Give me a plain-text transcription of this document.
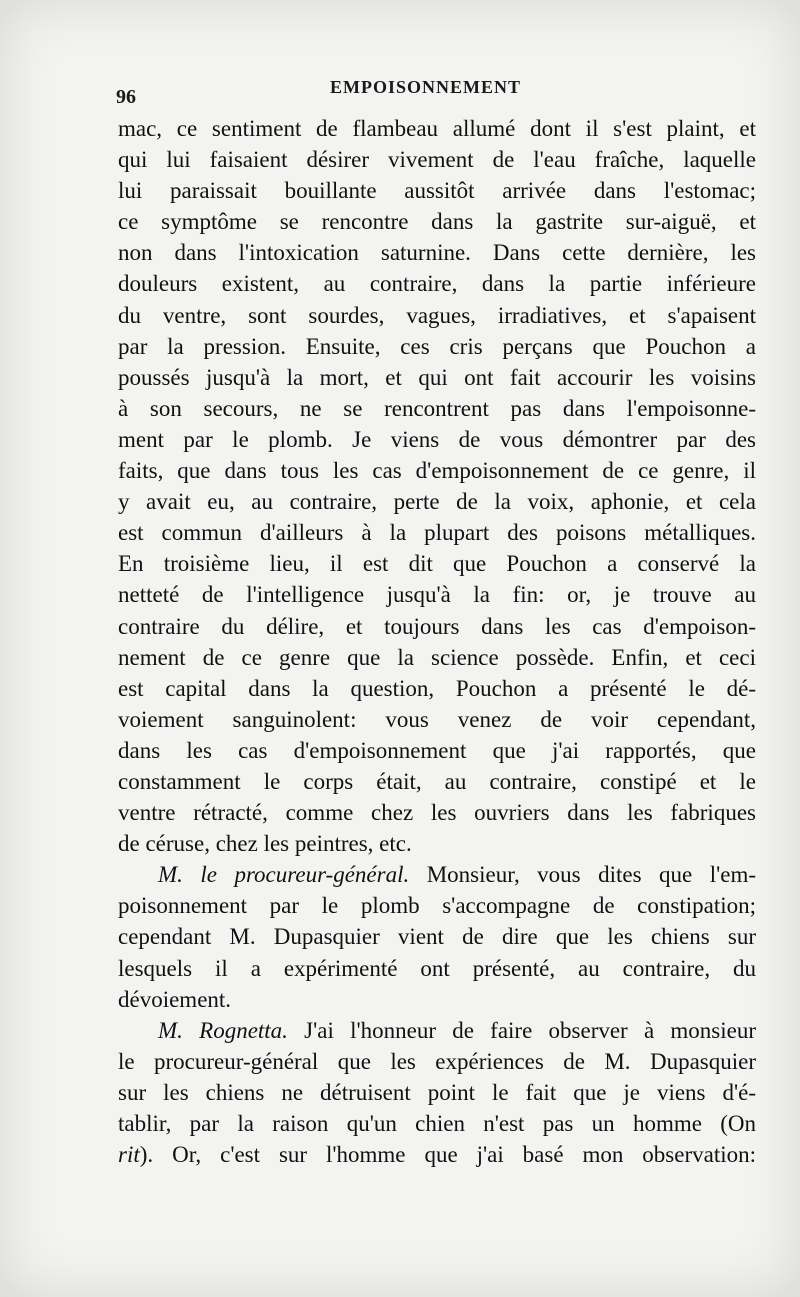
96	EMPOISONNEMENT
mac, ce sentiment de flambeau allumé dont il s'est plaint, et
qui lui faisaient désirer vivement de l'eau fraîche, laquelle
lui paraissait bouillante aussitôt arrivée dans l'estomac;
ce symptôme se rencontre dans la gastrite sur-aiguë, et
non dans l'intoxication saturnine. Dans cette dernière, les
douleurs existent, au contraire, dans la partie inférieure
du ventre, sont sourdes, vagues, irradiatives, et s'apaisent
par la pression. Ensuite, ces cris perçans que Pouchon a
poussés jusqu'à la mort, et qui ont fait accourir les voisins
à son secours, ne se rencontrent pas dans l'empoisonne-
ment par le plomb. Je viens de vous démontrer par des
faits, que dans tous les cas d'empoisonnement de ce genre, il
y avait eu, au contraire, perte de la voix, aphonie, et cela
est commun d'ailleurs à la plupart des poisons métalliques.
En troisième lieu, il est dit que Pouchon a conservé la
netteté de l'intelligence jusqu'à la fin: or, je trouve au
contraire du délire, et toujours dans les cas d'empoison-
nement de ce genre que la science possède. Enfin, et ceci
est capital dans la question, Pouchon a présenté le dé-
voiement sanguinolent: vous venez de voir cependant,
dans les cas d'empoisonnement que j'ai rapportés, que
constamment le corps était, au contraire, constipé et le
ventre rétracté, comme chez les ouvriers dans les fabriques
de céruse, chez les peintres, etc.
M. le procureur-général. Monsieur, vous dites que l'em-
poisonnement par le plomb s'accompagne de constipation;
cependant M. Dupasquier vient de dire que les chiens sur
lesquels il a expérimenté ont présenté, au contraire, du
dévoiement.
M. Rognetta. J'ai l'honneur de faire observer à monsieur
le procureur-général que les expériences de M. Dupasquier
sur les chiens ne détruisent point le fait que je viens d'é-
tablir, par la raison qu'un chien n'est pas un homme (On
rit). Or, c'est sur l'homme que j'ai basé mon observation:
